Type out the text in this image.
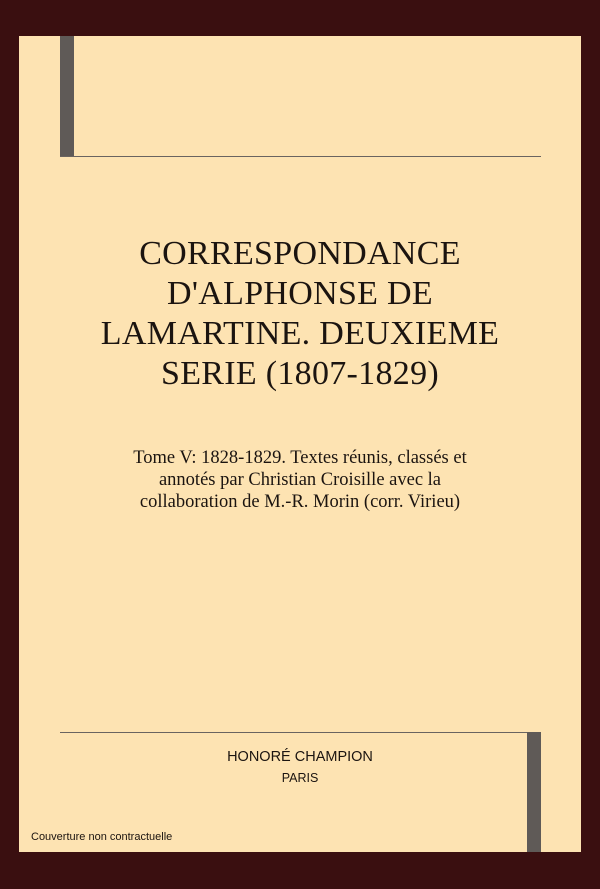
CORRESPONDANCE D'ALPHONSE DE LAMARTINE. DEUXIEME SERIE (1807-1829)
Tome V: 1828-1829. Textes réunis, classés et annotés par Christian Croisille avec la collaboration de M.-R. Morin (corr. Virieu)
HONORÉ CHAMPION
PARIS
Couverture non contractuelle
